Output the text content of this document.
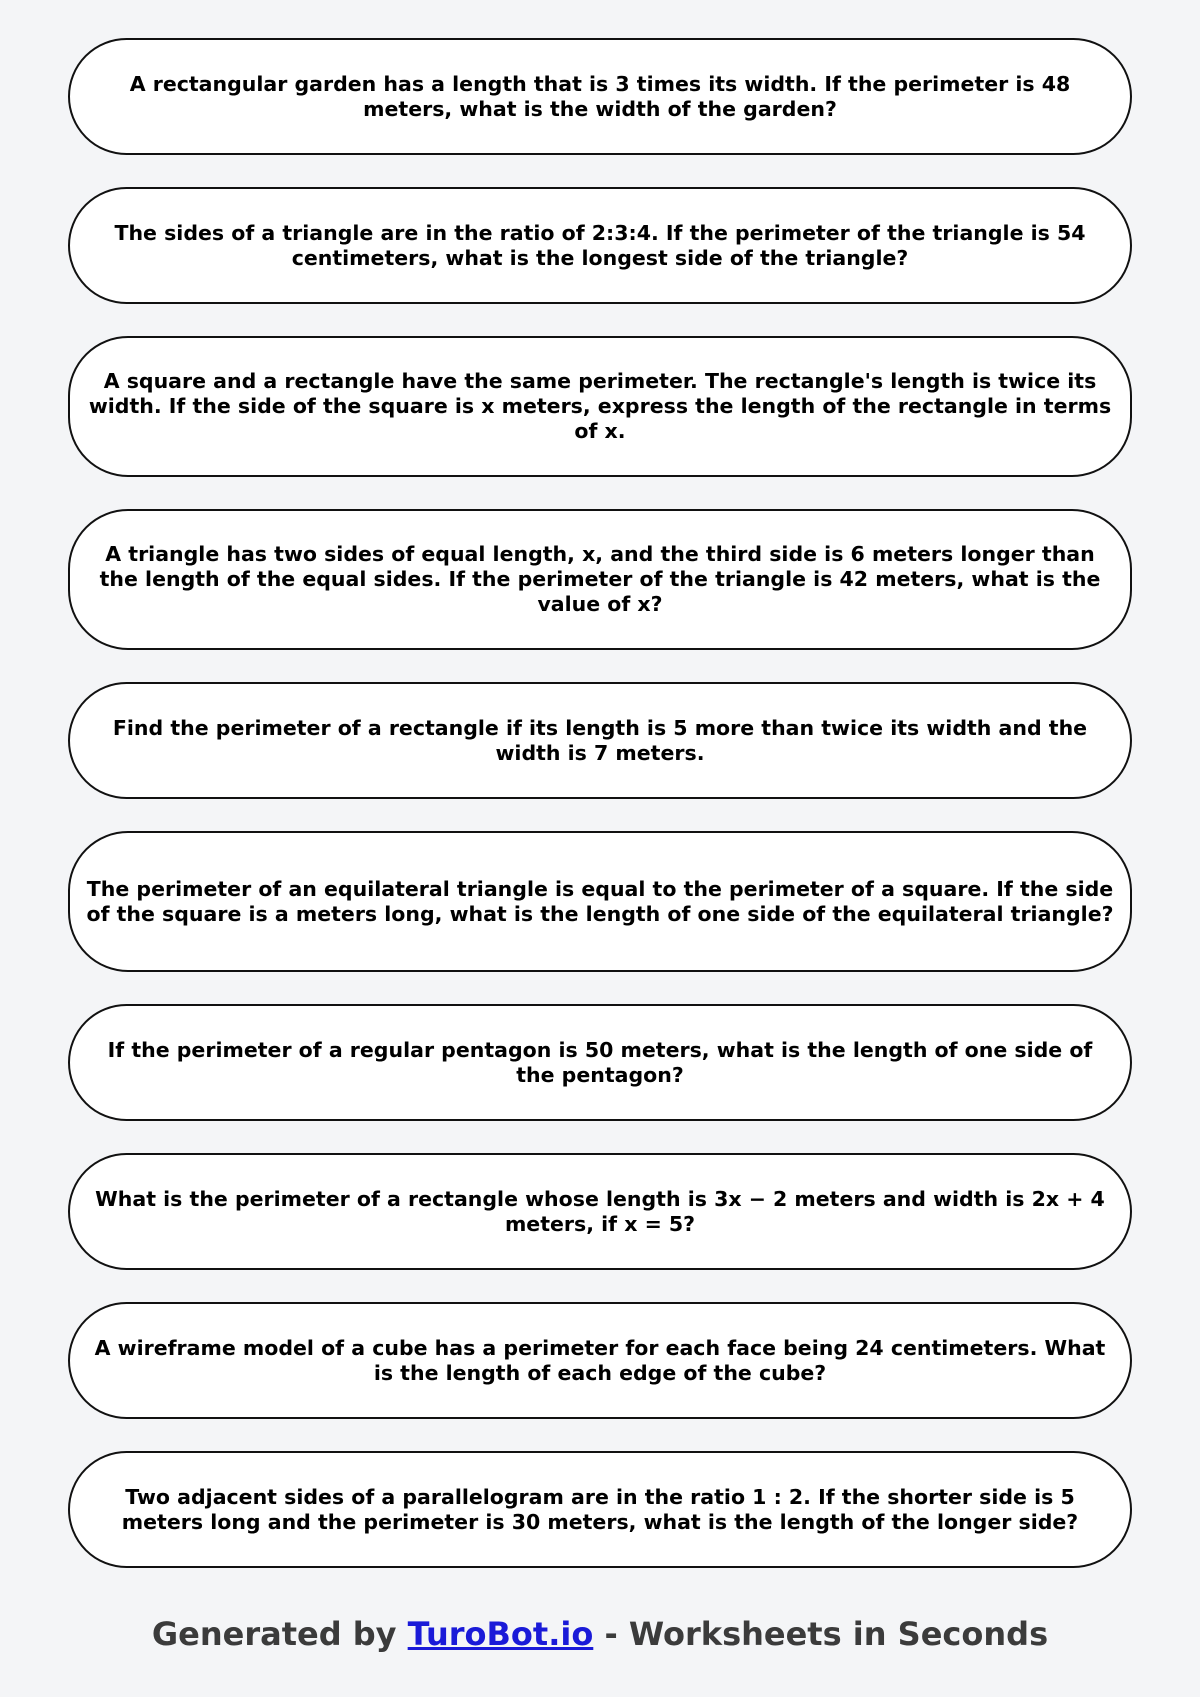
A rectangular garden has a length that is 3 times its width. If the perimeter is 48 meters, what is the width of the garden?
The sides of a triangle are in the ratio of 2:3:4. If the perimeter of the triangle is 54 centimeters, what is the longest side of the triangle?
A square and a rectangle have the same perimeter. The rectangle's length is twice its width. If the side of the square is x meters, express the length of the rectangle in terms of x.
A triangle has two sides of equal length, x, and the third side is 6 meters longer than the length of the equal sides. If the perimeter of the triangle is 42 meters, what is the value of x?
Find the perimeter of a rectangle if its length is 5 more than twice its width and the width is 7 meters.
The perimeter of an equilateral triangle is equal to the perimeter of a square. If the side of the square is a meters long, what is the length of one side of the equilateral triangle?
If the perimeter of a regular pentagon is 50 meters, what is the length of one side of the pentagon?
What is the perimeter of a rectangle whose length is 3x − 2 meters and width is 2x + 4 meters, if x = 5?
A wireframe model of a cube has a perimeter for each face being 24 centimeters. What is the length of each edge of the cube?
Two adjacent sides of a parallelogram are in the ratio 1 : 2. If the shorter side is 5 meters long and the perimeter is 30 meters, what is the length of the longer side?
Generated by TuroBot.io - Worksheets in Seconds
